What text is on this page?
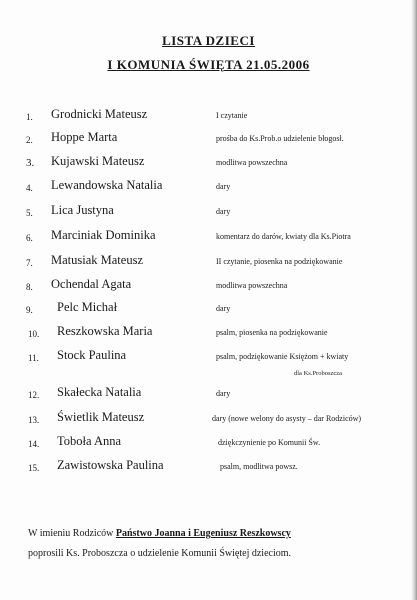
LISTA DZIECI
I KOMUNIA ŚWIĘTA 21.05.2006
1. Grodnicki Mateusz	I czytanie
2. Hoppe Marta	prośba do Ks.Prob.o udzielenie błogosł.
3. Kujawski Mateusz	modlitwa powszechna
4. Lewandowska Natalia	dary
5. Lica Justyna	dary
6. Marciniak Dominika	komentarz do darów, kwiaty dla Ks.Piotra
7. Matusiak Mateusz	II czytanie, piosenka na podziękowanie
8. Ochendal Agata	modlitwa powszechna
9. Pelc Michał	dary
10. Reszkowska Maria	psalm, piosenka na podziękowanie
11. Stock Paulina	psalm, podziękowanie Księżom + kwiaty
dla Ks.Proboszcza
12. Skałecka Natalia	dary
13. Świetlik Mateusz	dary (nowe welony do asysty – dar Rodziców)
14. Toboła Anna	dziękczynienie po Komunii Św.
15. Zawistowska Paulina	psalm, modlitwa powsz.
W imieniu Rodziców Państwo Joanna i Eugeniusz Reszkowscy
poprosili Ks. Proboszcza o udzielenie Komunii Świętej dzieciom.
